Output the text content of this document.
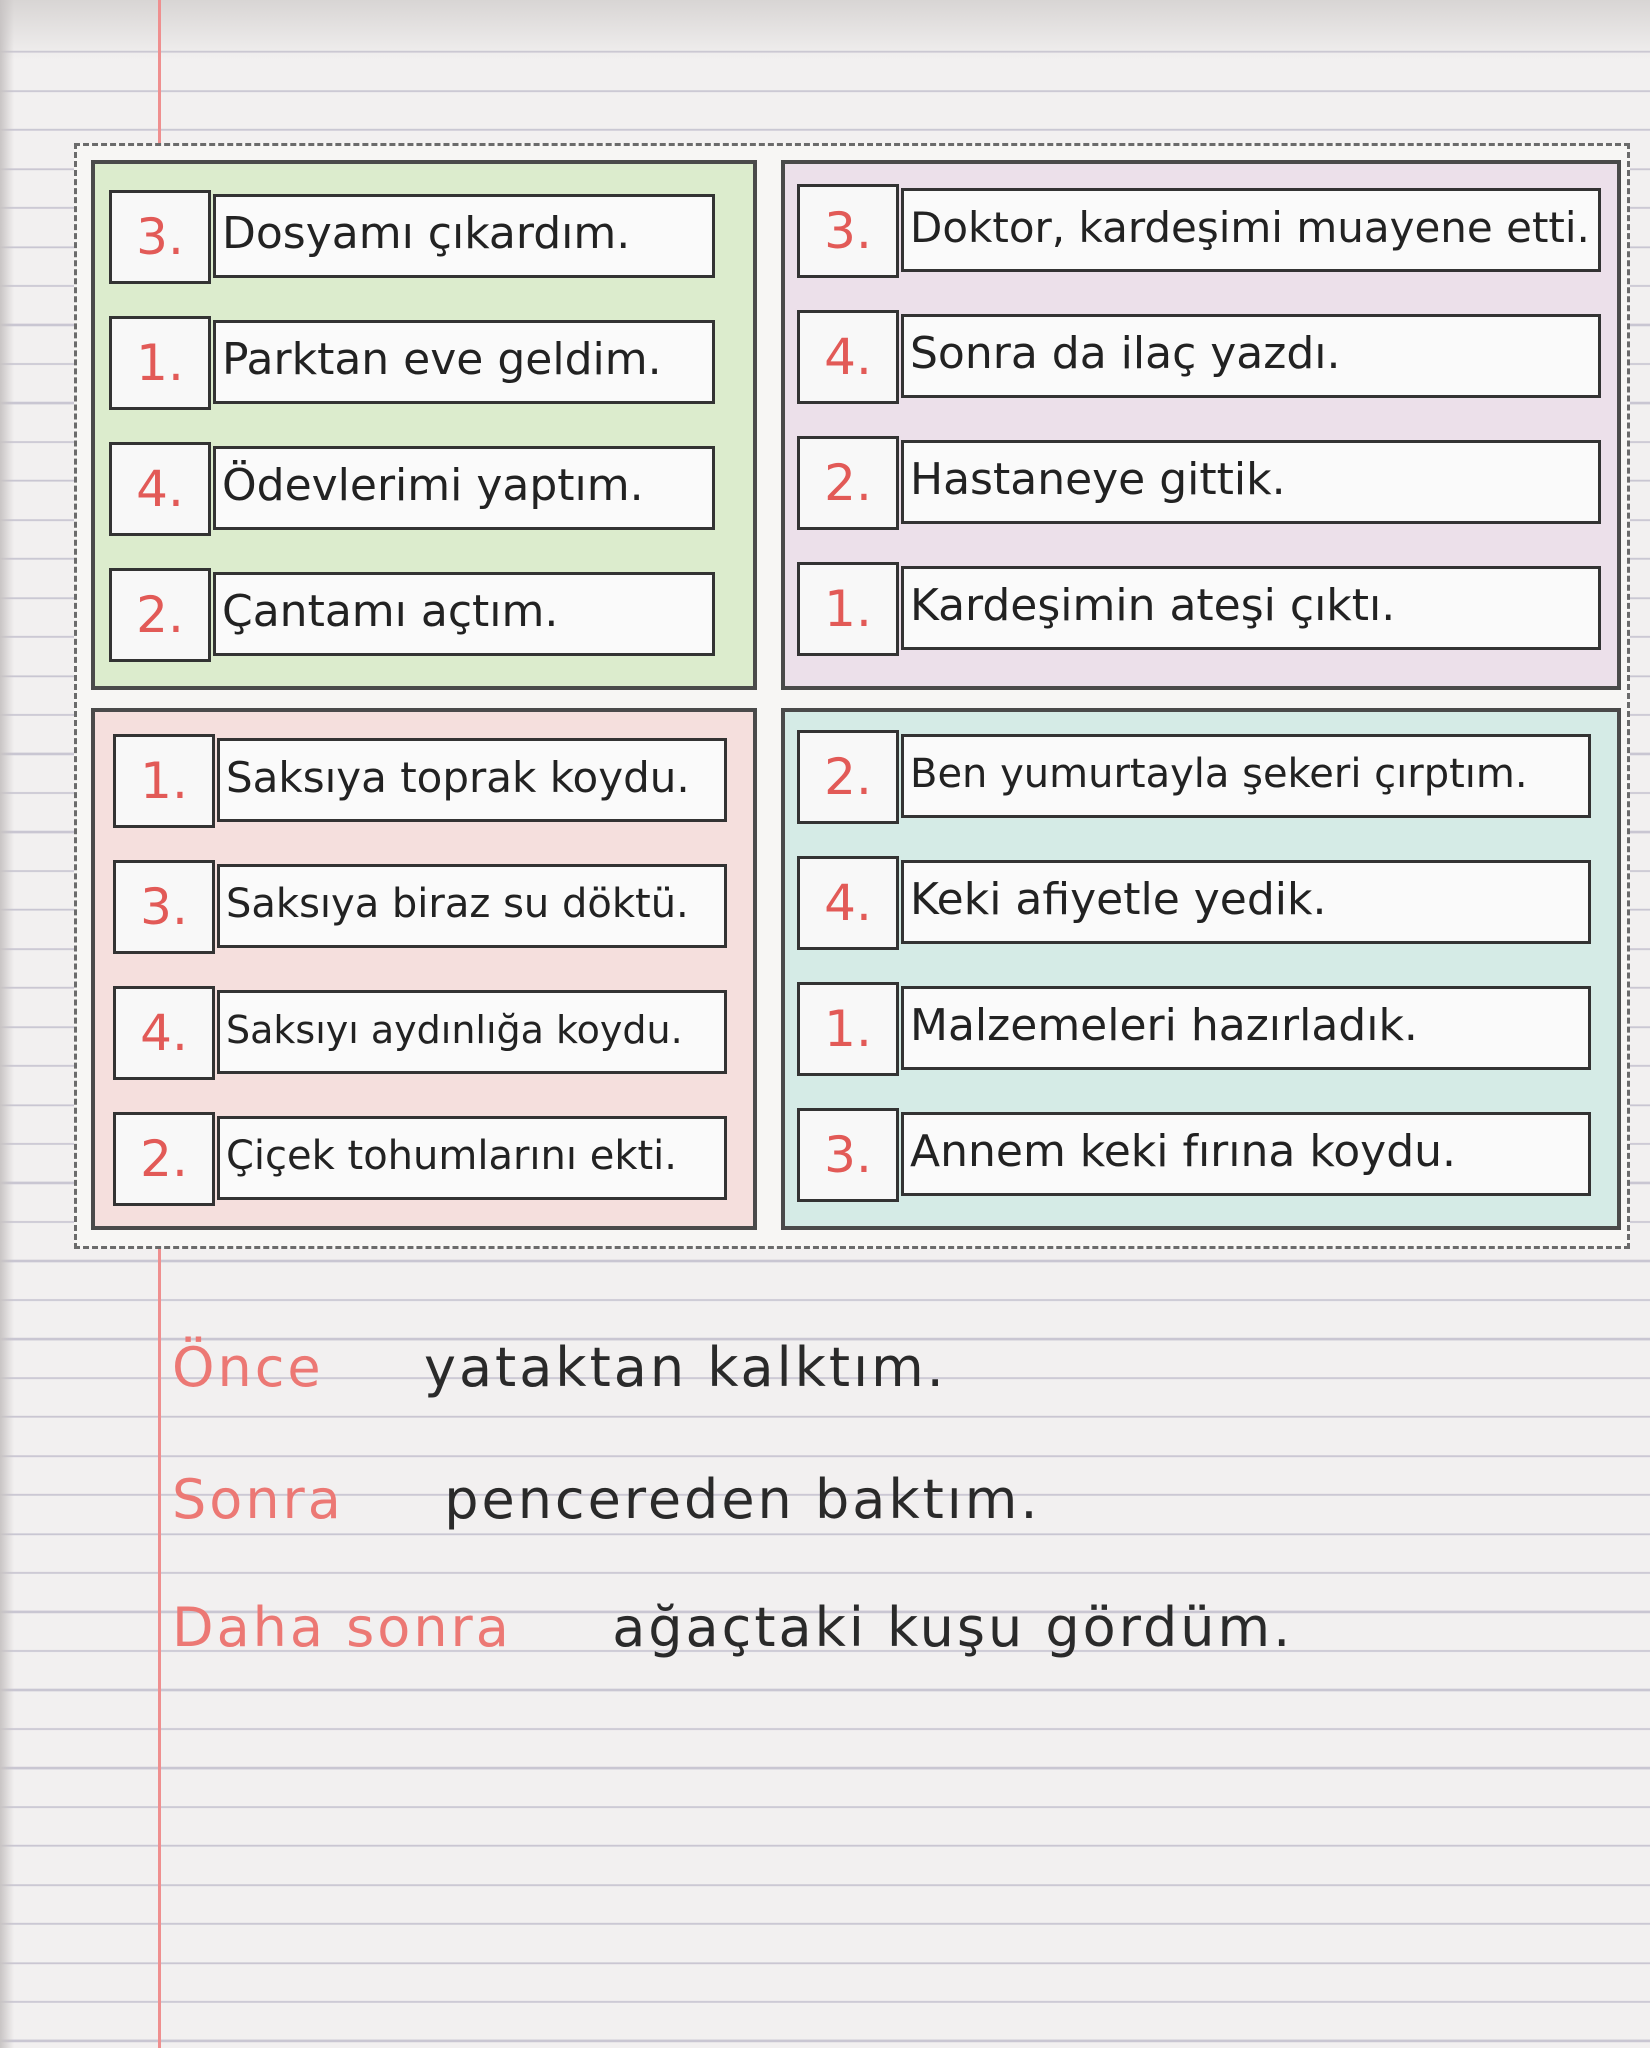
3. Dosyamı çıkardım.
1. Parktan eve geldim.
4. Ödevlerimi yaptım.
2. Çantamı açtım.
3. Doktor, kardeşimi muayene etti.
4. Sonra da ilaç yazdı.
2. Hastaneye gittik.
1. Kardeşimin ateşi çıktı.
1. Saksıya toprak koydu.
3. Saksıya biraz su döktü.
4.	Saksıyı aydınlığa koydu.
2. Çiçek tohumlarını ekti.
2. Ben yumurtayla şekeri çırptım.
4. Keki afiyetle yedik.
1. Malzemeleri hazırladık.
3. Annem keki fırına koydu.
Önce yataktan kalktım.
Sonra pencereden baktım.
Daha sonra ağaçtaki kuşu gördüm.
